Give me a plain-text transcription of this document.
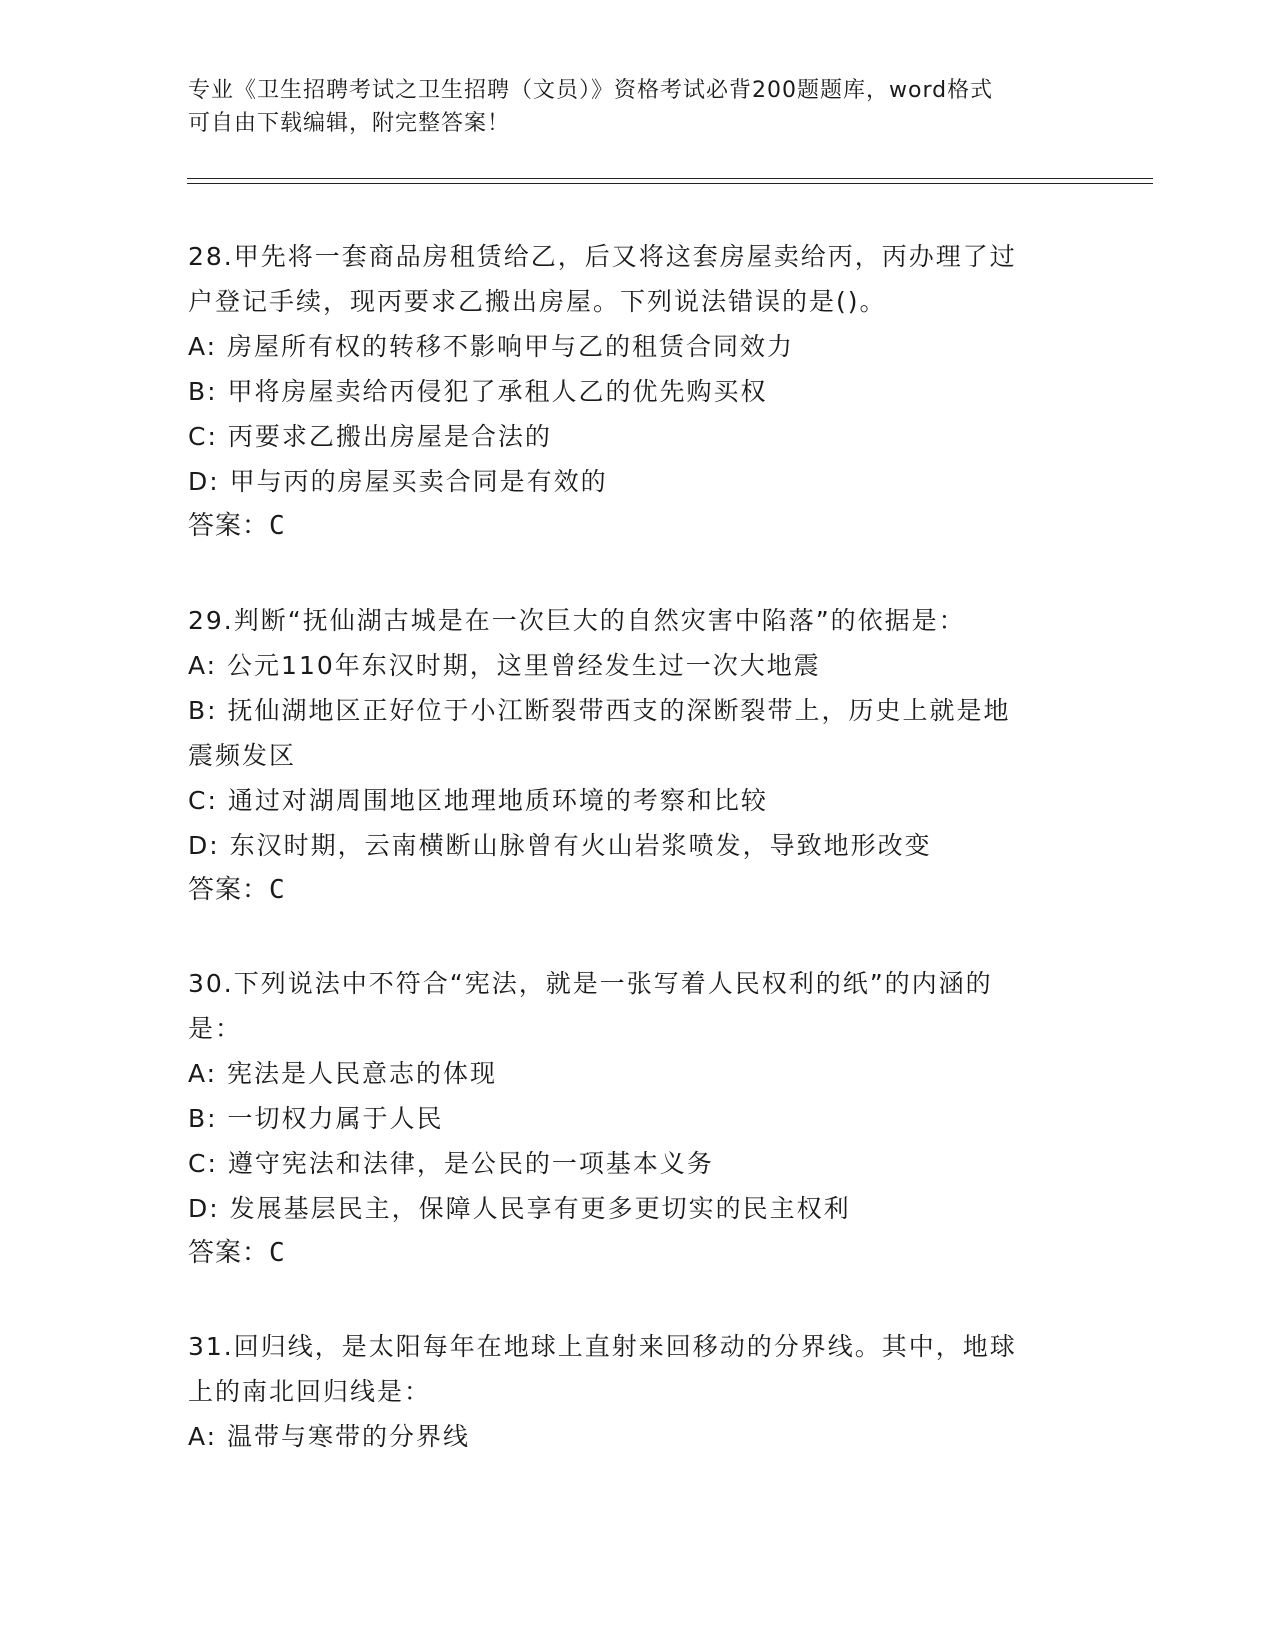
专业《卫生招聘考试之卫生招聘（文员）》资格考试必背200题题库，word格式
可自由下载编辑，附完整答案！
28.甲先将一套商品房租赁给乙，后又将这套房屋卖给丙，丙办理了过
户登记手续，现丙要求乙搬出房屋。下列说法错误的是()。
A: 房屋所有权的转移不影响甲与乙的租赁合同效力
B: 甲将房屋卖给丙侵犯了承租人乙的优先购买权
C: 丙要求乙搬出房屋是合法的
D: 甲与丙的房屋买卖合同是有效的
答案：C
29.判断“抚仙湖古城是在一次巨大的自然灾害中陷落”的依据是：
A: 公元110年东汉时期，这里曾经发生过一次大地震
B: 抚仙湖地区正好位于小江断裂带西支的深断裂带上，历史上就是地
震频发区
C: 通过对湖周围地区地理地质环境的考察和比较
D: 东汉时期，云南横断山脉曾有火山岩浆喷发，导致地形改变
答案：C
30.下列说法中不符合“宪法，就是一张写着人民权利的纸”的内涵的
是：
A: 宪法是人民意志的体现
B: 一切权力属于人民
C: 遵守宪法和法律，是公民的一项基本义务
D: 发展基层民主，保障人民享有更多更切实的民主权利
答案：C
31.回归线，是太阳每年在地球上直射来回移动的分界线。其中，地球
上的南北回归线是：
A: 温带与寒带的分界线
